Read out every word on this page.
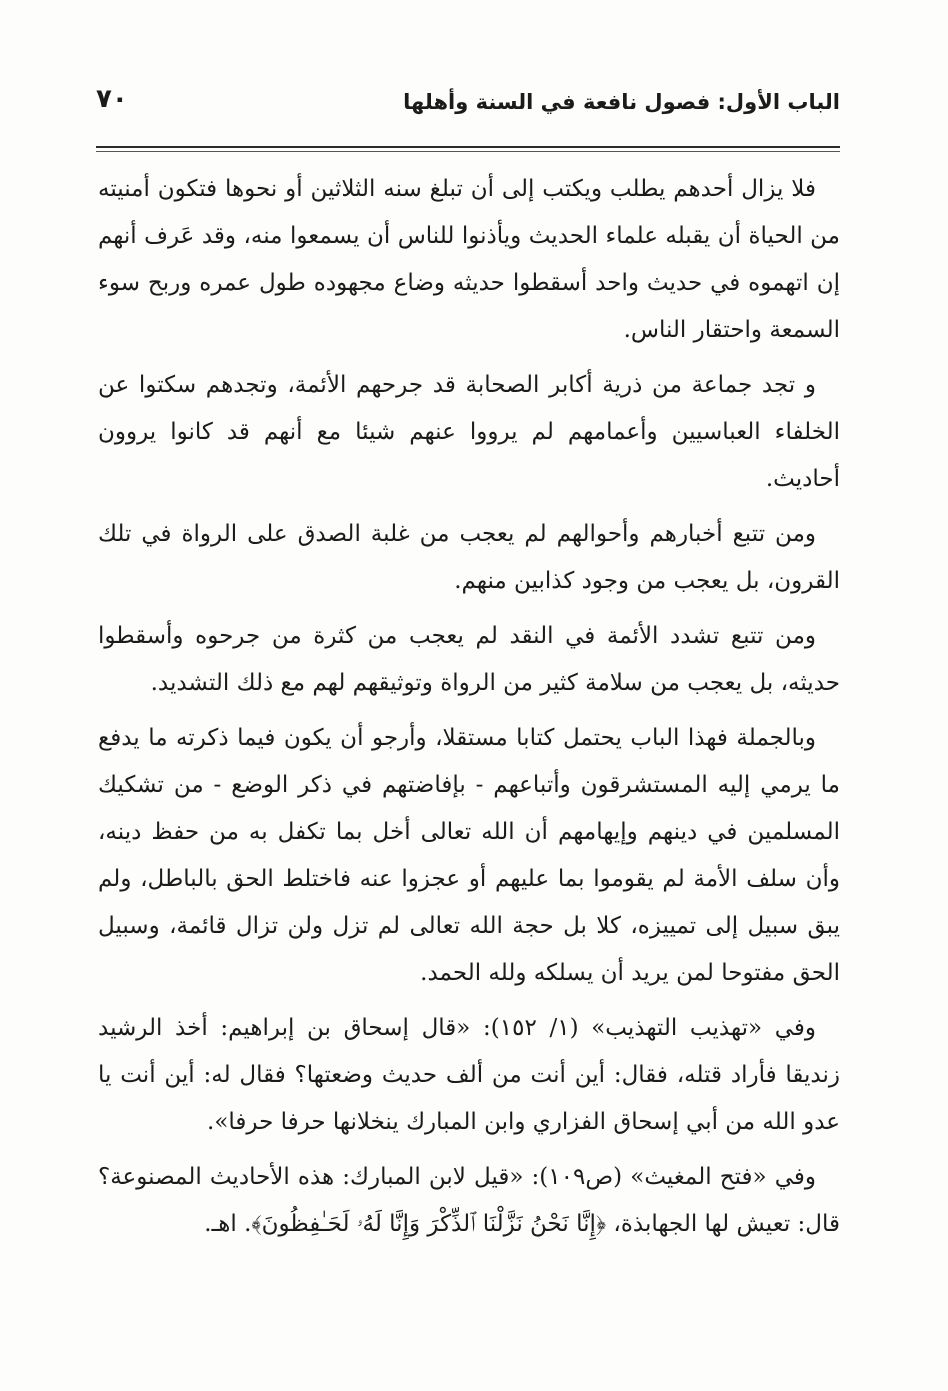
الباب الأول: فصول نافعة في السنة وأهلها
٧٠

فلا يزال أحدهم يطلب ويكتب إلى أن تبلغ سنه الثلاثين أو نحوها فتكون أمنيته من الحياة أن يقبله علماء الحديث ويأذنوا للناس أن يسمعوا منه، وقد عَرف أنهم إن اتهموه في حديث واحد أسقطوا حديثه وضاع مجهوده طول عمره وربح سوء السمعة واحتقار الناس.

و تجد جماعة من ذرية أكابر الصحابة قد جرحهم الأئمة، وتجدهم سكتوا عن الخلفاء العباسيين وأعمامهم لم يرووا عنهم شيئا مع أنهم قد كانوا يروون أحاديث.

ومن تتبع أخبارهم وأحوالهم لم يعجب من غلبة الصدق على الرواة في تلك القرون، بل يعجب من وجود كذابين منهم.

ومن تتبع تشدد الأئمة في النقد لم يعجب من كثرة من جرحوه وأسقطوا حديثه، بل يعجب من سلامة كثير من الرواة وتوثيقهم لهم مع ذلك التشديد.

وبالجملة فهذا الباب يحتمل كتابا مستقلا، وأرجو أن يكون فيما ذكرته ما يدفع ما يرمي إليه المستشرقون وأتباعهم - بإفاضتهم في ذكر الوضع - من تشكيك المسلمين في دينهم وإيهامهم أن الله تعالى أخل بما تكفل به من حفظ دينه، وأن سلف الأمة لم يقوموا بما عليهم أو عجزوا عنه فاختلط الحق بالباطل، ولم يبق سبيل إلى تمييزه، كلا بل حجة الله تعالى لم تزل ولن تزال قائمة، وسبيل الحق مفتوحا لمن يريد أن يسلكه ولله الحمد.

وفي «تهذيب التهذيب» (١/ ١٥٢): «قال إسحاق بن إبراهيم: أخذ الرشيد زنديقا فأراد قتله، فقال: أين أنت من ألف حديث وضعتها؟ فقال له: أين أنت يا عدو الله من أبي إسحاق الفزاري وابن المبارك ينخلانها حرفا حرفا».

وفي «فتح المغيث» (ص١٠٩): «قيل لابن المبارك: هذه الأحاديث المصنوعة؟ قال: تعيش لها الجهابذة، ﴿إِنَّا نَحْنُ نَزَّلْنَا ٱلذِّكْرَ وَإِنَّا لَهُۥ لَحَـٰفِظُونَ﴾. اهـ.
